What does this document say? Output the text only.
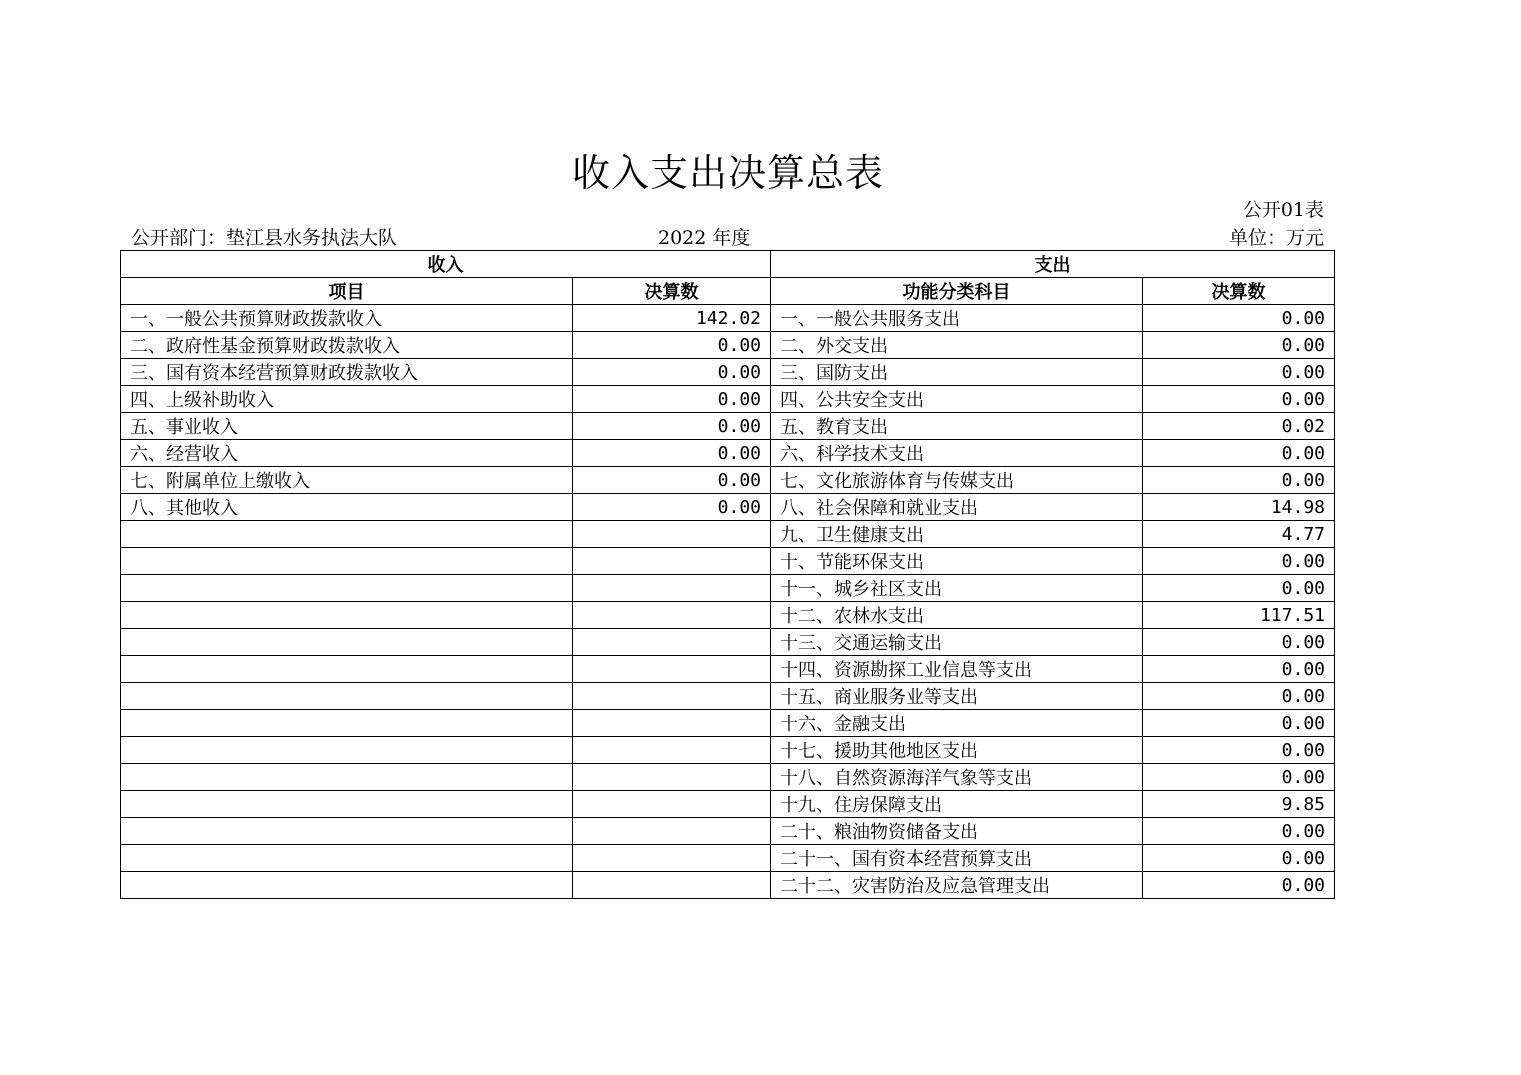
收入支出决算总表
公开01表
公开部门：垫江县水务执法大队	2022 年度	单位：万元
收入		支出	
项目	决算数	功能分类科目	决算数
一、一般公共预算财政拨款收入	142.02	一、一般公共服务支出	0.00
二、政府性基金预算财政拨款收入	0.00	二、外交支出	0.00
三、国有资本经营预算财政拨款收入	0.00	三、国防支出	0.00
四、上级补助收入	0.00	四、公共安全支出	0.00
五、事业收入	0.00	五、教育支出	0.02
六、经营收入	0.00	六、科学技术支出	0.00
七、附属单位上缴收入	0.00	七、文化旅游体育与传媒支出	0.00
八、其他收入	0.00	八、社会保障和就业支出	14.98
		九、卫生健康支出	4.77
		十、节能环保支出	0.00
		十一、城乡社区支出	0.00
		十二、农林水支出	117.51
		十三、交通运输支出	0.00
		十四、资源勘探工业信息等支出	0.00
		十五、商业服务业等支出	0.00
		十六、金融支出	0.00
		十七、援助其他地区支出	0.00
		十八、自然资源海洋气象等支出	0.00
		十九、住房保障支出	9.85
		二十、粮油物资储备支出	0.00
		二十一、国有资本经营预算支出	0.00
		二十二、灾害防治及应急管理支出	0.00
